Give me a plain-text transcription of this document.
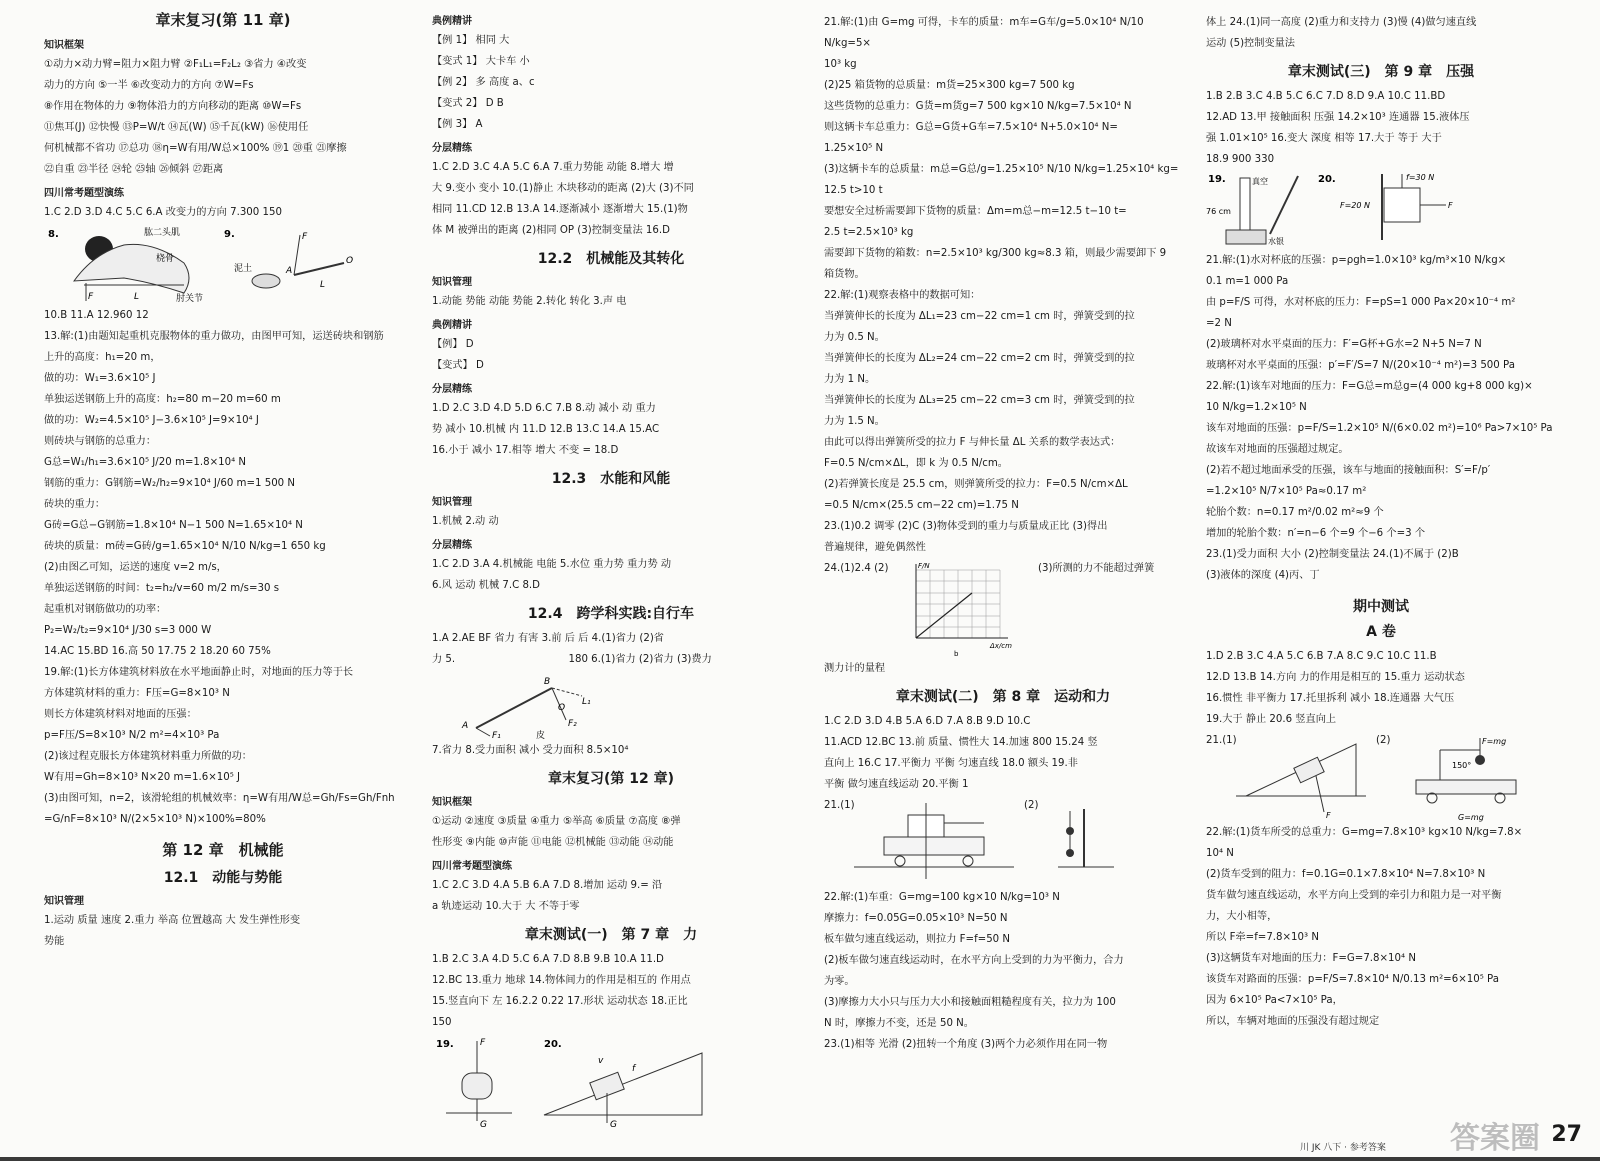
章末复习(第 11 章)
知识框架

①动力×动力臂=阻力×阻力臂 ②F₁L₁=F₂L₂ ③省力 ④改变

动力的方向 ⑤一半 ⑥改变动力的方向 ⑦W=Fs

⑧作用在物体的力 ⑨物体沿力的方向移动的距离 ⑩W=Fs

⑪焦耳(J) ⑫快慢 ⑬P=W/t ⑭瓦(W) ⑮千瓦(kW) ⑯使用任

何机械都不省功 ⑰总功 ⑱η=W有用/W总×100% ⑲1 ⑳重 ㉑摩擦

㉒自重 ㉓半径 ㉔轮 ㉕轴 ㉖倾斜 ㉗距离

四川常考题型演练

1.C 2.D 3.D 4.C 5.C 6.A 改变力的方向 7.300 150

8.	肱二头肌
桡骨
肘关节
F	L
9.
泥土
F
A
O
L

10.B 11.A 12.960 12

13.解:(1)由题知起重机克服物体的重力做功，由图甲可知，运送砖块和钢筋

上升的高度：h₁=20 m，

做的功：W₁=3.6×10⁵ J

单独运送钢筋上升的高度：h₂=80 m−20 m=60 m

做的功：W₂=4.5×10⁵ J−3.6×10⁵ J=9×10⁴ J

则砖块与钢筋的总重力：

G总=W₁/h₁=3.6×10⁵ J/20 m=1.8×10⁴ N

钢筋的重力：G钢筋=W₂/h₂=9×10⁴ J/60 m=1 500 N

砖块的重力：

G砖=G总−G钢筋=1.8×10⁴ N−1 500 N=1.65×10⁴ N

砖块的质量：m砖=G砖/g=1.65×10⁴ N/10 N/kg=1 650 kg

(2)由图乙可知，运送的速度 v=2 m/s，

单独运送钢筋的时间：t₂=h₂/v=60 m/2 m/s=30 s

起重机对钢筋做功的功率：

P₂=W₂/t₂=9×10⁴ J/30 s=3 000 W

14.AC 15.BD 16.高 50 17.75 2 18.20 60 75%

19.解:(1)长方体建筑材料放在水平地面静止时，对地面的压力等于长

方体建筑材料的重力：F压=G=8×10³ N

则长方体建筑材料对地面的压强：

p=F压/S=8×10³ N/2 m²=4×10³ Pa

(2)该过程克服长方体建筑材料重力所做的功：

W有用=Gh=8×10³ N×20 m=1.6×10⁵ J

(3)由图可知，n=2，该滑轮组的机械效率：η=W有用/W总=Gh/Fs=Gh/Fnh

=G/nF=8×10³ N/(2×5×10³ N)×100%=80%

第 12 章　机械能
12.1　动能与势能
知识管理

1.运动 质量 速度 2.重力 举高 位置越高 大 发生弹性形变

势能

典例精讲

【例 1】 相同 大

【变式 1】 大卡车 小

【例 2】 多 高度 a、c

【变式 2】 D B

【例 3】 A

分层精练

1.C 2.D 3.C 4.A 5.C 6.A 7.重力势能 动能 8.增大 增

大 9.变小 变小 10.(1)静止 木块移动的距离 (2)大 (3)不同

相同 11.CD 12.B 13.A 14.逐渐减小 逐渐增大 15.(1)物

体 M 被弹出的距离 (2)相同 OP (3)控制变量法 16.D

12.2　机械能及其转化
知识管理

1.动能 势能 动能 势能 2.转化 转化 3.声 电

典例精讲

【例】 D

【变式】 D

分层精练

1.D 2.C 3.D 4.D 5.D 6.C 7.B 8.动 减小 动 重力

势 减小 10.机械 内 11.D 12.B 13.C 14.A 15.AC

16.小于 减小 17.相等 增大 不变 = 18.D

12.3　水能和风能
知识管理

1.机械 2.动 动

分层精练

1.C 2.D 3.A 4.机械能 电能 5.水位 重力势 重力势 动

6.风 运动 机械 7.C 8.D

12.4　跨学科实践:自行车

1.A 2.AE BF 省力 有害 3.前 后 后 4.(1)省力 (2)省

力 5.                                   180 6.(1)省力 (2)省力 (3)费力

B
A
F₁
L₁
F₂
O
皮

7.省力 8.受力面积 减小 受力面积 8.5×10⁴

章末复习(第 12 章)
知识框架

①运动 ②速度 ③质量 ④重力 ⑤举高 ⑥质量 ⑦高度 ⑧弹

性形变 ⑨内能 ⑩声能 ⑪电能 ⑫机械能 ⑬动能 ⑭动能

四川常考题型演练

1.C 2.C 3.D 4.A 5.B 6.A 7.D 8.增加 运动 9.= 沿

a 轨迹运动 10.大于 大 不等于零

章末测试(一)　第 7 章　力

1.B 2.C 3.A 4.D 5.C 6.A 7.D 8.B 9.B 10.A 11.D

12.BC 13.重力 地球 14.物体间力的作用是相互的 作用点

15.竖直向下 左 16.2.2 0.22 17.形状 运动状态 18.正比

150

19.	F
G
20.
G
v
f

21.解:(1)由 G=mg 可得，卡车的质量：m车=G车/g=5.0×10⁴ N/10 N/kg=5×

10³ kg

(2)25 箱货物的总质量：m货=25×300 kg=7 500 kg

这些货物的总重力：G货=m货g=7 500 kg×10 N/kg=7.5×10⁴ N

则这辆卡车总重力：G总=G货+G车=7.5×10⁴ N+5.0×10⁴ N=

1.25×10⁵ N

(3)这辆卡车的总质量：m总=G总/g=1.25×10⁵ N/10 N/kg=1.25×10⁴ kg=

12.5 t>10 t

要想安全过桥需要卸下货物的质量：Δm=m总−m=12.5 t−10 t=

2.5 t=2.5×10³ kg

需要卸下货物的箱数：n=2.5×10³ kg/300 kg≈8.3 箱，则最少需要卸下 9

箱货物。

22.解:(1)观察表格中的数据可知：

当弹簧伸长的长度为 ΔL₁=23 cm−22 cm=1 cm 时，弹簧受到的拉

力为 0.5 N。

当弹簧伸长的长度为 ΔL₂=24 cm−22 cm=2 cm 时，弹簧受到的拉

力为 1 N。

当弹簧伸长的长度为 ΔL₃=25 cm−22 cm=3 cm 时，弹簧受到的拉

力为 1.5 N。

由此可以得出弹簧所受的拉力 F 与伸长量 ΔL 关系的数学表达式：

F=0.5 N/cm×ΔL，即 k 为 0.5 N/cm。

(2)若弹簧长度是 25.5 cm，则弹簧所受的拉力：F=0.5 N/cm×ΔL

=0.5 N/cm×(25.5 cm−22 cm)=1.75 N

23.(1)0.2 调零 (2)C (3)物体受到的重力与质量成正比 (3)得出

普遍规律，避免偶然性

24.(1)2.4 (2)	(3)所测的力不能超过弹簧
F/N
Δx/cm
b

测力计的量程

章末测试(二)　第 8 章　运动和力

1.C 2.D 3.D 4.B 5.A 6.D 7.A 8.B 9.D 10.C

11.ACD 12.BC 13.前 质量、惯性大 14.加速 800 15.24 竖

直向上 16.C 17.平衡力 平衡 匀速直线 18.0 额头 19.非

平衡 做匀速直线运动 20.平衡 1

21.(1)	(2)

22.解:(1)车重：G=mg=100 kg×10 N/kg=10³ N

摩擦力：f=0.05G=0.05×10³ N=50 N

板车做匀速直线运动，则拉力 F=f=50 N

(2)板车做匀速直线运动时，在水平方向上受到的力为平衡力，合力

为零。

(3)摩擦力大小只与压力大小和接触面粗糙程度有关，拉力为 100

N 时，摩擦力不变，还是 50 N。

23.(1)相等 光滑 (2)扭转一个角度 (3)两个力必须作用在同一物

体上 24.(1)同一高度 (2)重力和支持力 (3)慢 (4)做匀速直线

运动 (5)控制变量法

章末测试(三)　第 9 章　压强

1.B 2.B 3.C 4.B 5.C 6.C 7.D 8.D 9.A 10.C 11.BD

12.AD 13.甲 接触面积 压强 14.2×10³ 连通器 15.液体压

强 1.01×10⁵ 16.变大 深度 相等 17.大于 等于 大于

18.9 900 330

19.	真空
水银
76 cm
20.	f=30 N
F=20 N	F

21.解:(1)水对杯底的压强：p=ρgh=1.0×10³ kg/m³×10 N/kg×

0.1 m=1 000 Pa

由 p=F/S 可得，水对杯底的压力：F=pS=1 000 Pa×20×10⁻⁴ m²

=2 N

(2)玻璃杯对水平桌面的压力：F′=G杯+G水=2 N+5 N=7 N

玻璃杯对水平桌面的压强：p′=F′/S=7 N/(20×10⁻⁴ m²)=3 500 Pa

22.解:(1)该车对地面的压力：F=G总=m总g=(4 000 kg+8 000 kg)×

10 N/kg=1.2×10⁵ N

该车对地面的压强：p=F/S=1.2×10⁵ N/(6×0.02 m²)=10⁶ Pa>7×10⁵ Pa

故该车对地面的压强超过规定。

(2)若不超过地面承受的压强，该车与地面的接触面积：S′=F/p′

=1.2×10⁵ N/7×10⁵ Pa≈0.17 m²

轮胎个数：n=0.17 m²/0.02 m²≈9 个

增加的轮胎个数：n′=n−6 个=9 个−6 个=3 个

23.(1)受力面积 大小 (2)控制变量法 24.(1)不属于 (2)B

(3)液体的深度 (4)丙、丁

期中测试
A 卷

1.D 2.B 3.C 4.A 5.C 6.B 7.A 8.C 9.C 10.C 11.B

12.D 13.B 14.方向 力的作用是相互的 15.重力 运动状态

16.惯性 非平衡力 17.托里拆利 减小 18.连通器 大气压

19.大于 静止 20.6 竖直向上

21.(1)	(2)
F
F=mg
G=mg
150°

22.解:(1)货车所受的总重力：G=mg=7.8×10³ kg×10 N/kg=7.8×

10⁴ N

(2)货车受到的阻力：f=0.1G=0.1×7.8×10⁴ N=7.8×10³ N

货车做匀速直线运动，水平方向上受到的牵引力和阻力是一对平衡

力，大小相等，

所以 F牵=f=7.8×10³ N

(3)这辆货车对地面的压力：F=G=7.8×10⁴ N

该货车对路面的压强：p=F/S=7.8×10⁴ N/0.13 m²=6×10⁵ Pa

因为 6×10⁵ Pa<7×10⁵ Pa，

所以，车辆对地面的压强没有超过规定

答案圈
川 JK 八下 · 参考答案
27
